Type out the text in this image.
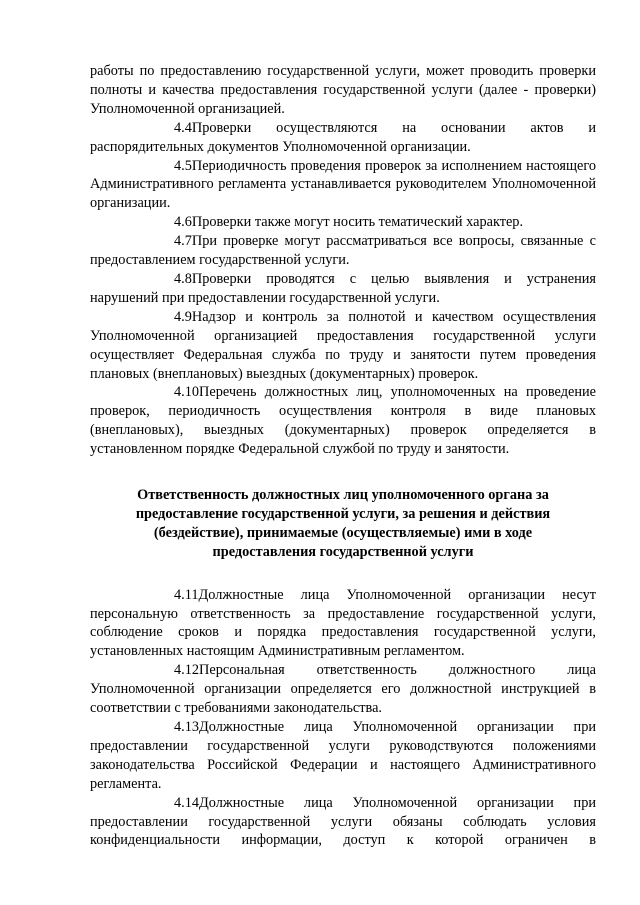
работы по предоставлению государственной услуги, может проводить проверки полноты и качества предоставления государственной услуги (далее - проверки) Уполномоченной организацией.

4.4Проверки осуществляются на основании актов и распорядительных документов Уполномоченной организации.

4.5Периодичность проведения проверок за исполнением настоящего Административного регламента устанавливается руководителем Уполномоченной организации.

4.6Проверки также могут носить тематический характер.

4.7При проверке могут рассматриваться все вопросы, связанные с предоставлением государственной услуги.

4.8Проверки проводятся с целью выявления и устранения нарушений при предоставлении государственной услуги.

4.9Надзор и контроль за полнотой и качеством осуществления Уполномоченной организацией предоставления государственной услуги осуществляет Федеральная служба по труду и занятости путем проведения плановых (внеплановых) выездных (документарных) проверок.

4.10Перечень должностных лиц, уполномоченных на проведение проверок, периодичность осуществления контроля в виде плановых (внеплановых), выездных (документарных) проверок определяется в установленном порядке Федеральной службой по труду и занятости.

Ответственность должностных лиц уполномоченного органа за
предоставление государственной услуги, за решения и действия
(бездействие), принимаемые (осуществляемые) ими в ходе
предоставления государственной услуги

4.11Должностные лица Уполномоченной организации несут персональную ответственность за предоставление государственной услуги, соблюдение сроков и порядка предоставления государственной услуги, установленных настоящим Административным регламентом.

4.12Персональная ответственность должностного лица Уполномоченной организации определяется его должностной инструкцией в соответствии с требованиями законодательства.

4.13Должностные лица Уполномоченной организации при предоставлении государственной услуги руководствуются положениями законодательства Российской Федерации и настоящего Административного регламента.

4.14Должностные лица Уполномоченной организации при предоставлении государственной услуги обязаны соблюдать условия конфиденциальности информации, доступ к которой ограничен в
